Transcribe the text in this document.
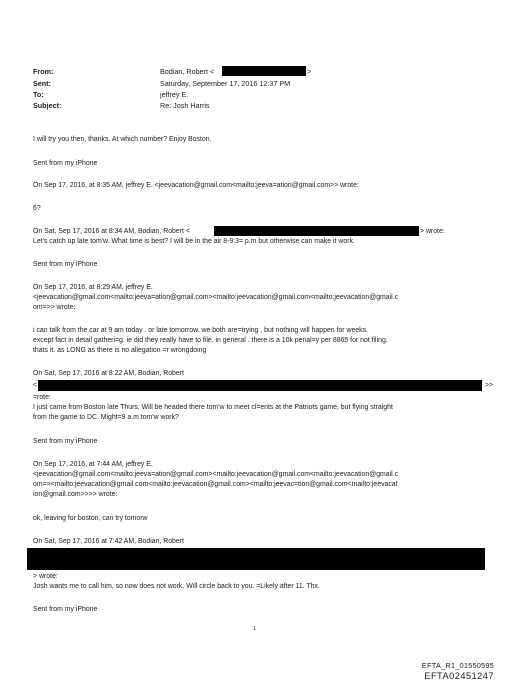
From:	Bodian, Robert <	>
Sent:	Saturday, September 17, 2016 12:37 PM
To:	jeffrey E.
Subject:	Re: Josh Harris
I will try you then, thanks. At which number? Enjoy Boston.
Sent from my iPhone
On Sep 17, 2016, at 8:35 AM, jeffrey E. <jeevacation@gmail.com<mailto:jeeva=ation@gmail.com>> wrote:
6?
On Sat, Sep 17, 2016 at 8:34 AM, Bodian, Robert <	> wrote:
Let's catch up late tom'w. What time is best? I will be in the air 8-9:3= p.m but otherwise can make it work.
Sent from my iPhone
On Sep 17, 2016, at 8:29 AM, jeffrey E.
<jeevacation@gmail.com<mailto:jeeva=ation@gmail.com><mailto:jeevacation@gmail.com<mailto:jeevacation@gmail.c
om=>> wrote:
i can talk from the car at 9 am today . or late tomorrow. we both are=trying , but nothing will happen for weeks.
except fact in detail gatheri=g. ie did they really have to file. in general . there is a 10k penal=y per 8865 for not filing.
thats it. as LONG as there is no allegation =r wrongdoing
On Sat, Sep 17, 2016 at 8:22 AM, Bodian, Robert
<	>>
=rote:
I just came from Boston late Thurs. Will be headed there tom'w to meet cl=ents at the Patriots game, but flying straight
from the game to DC. Might=9 a.m tom'w work?
Sent from my iPhone
On Sep 17, 2016, at 7:44 AM, jeffrey E.
<jeevacation@gmail.com<mailto:jeeva=ation@gmail.com><mailto:jeevacation@gmail.com<mailto:jeevacation@gmail.c
om=><mailto:jeevacation@gmail.com<mailto:jeevacation@gmail.com><mailto:jeevac=tion@gmail.com<mailto:jeevacat
ion@gmail.com>>>> wrote:
ok, leaving for boston, can try tomorw
On Sat, Sep 17, 2016 at 7:42 AM, Bodian, Robert
> wrote:
Josh wants me to call him, so now does not work. Will circle back to you. =Likely after 11. Thx.
Sent from my iPhone
1
EFTA_R1_01550595
EFTA02451247
